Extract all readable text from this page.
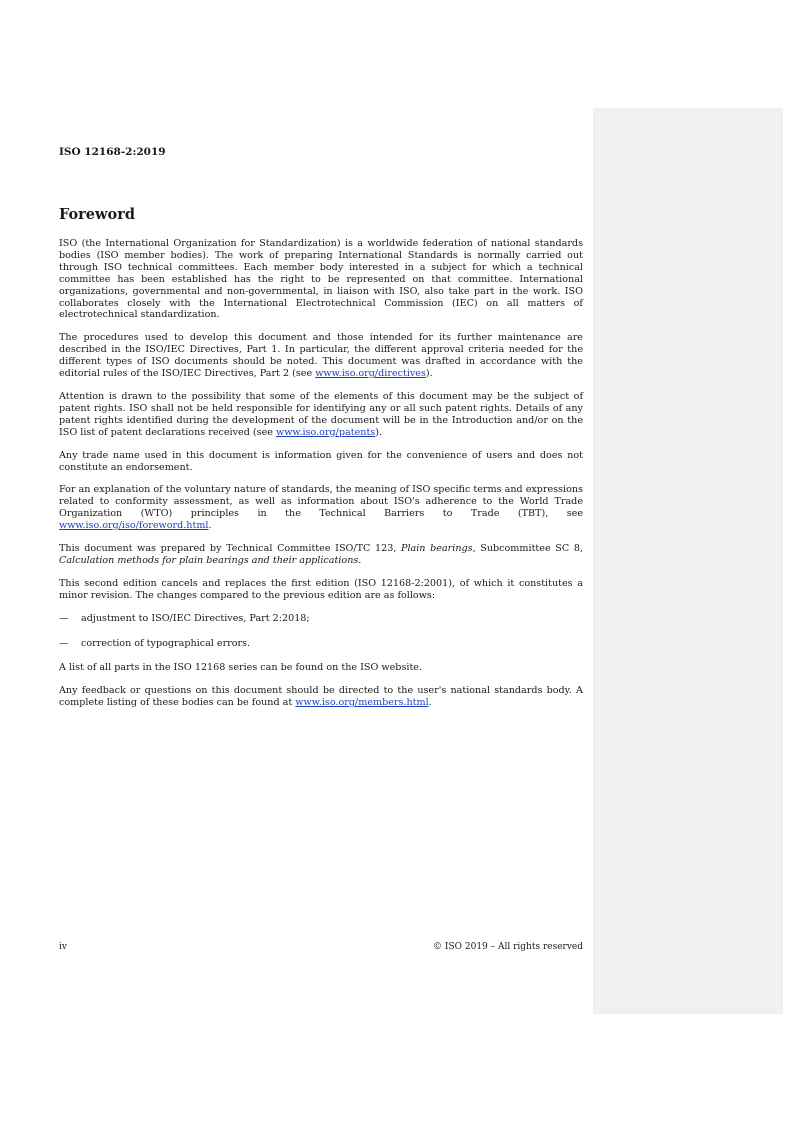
ISO 12168-2:2019
Foreword

ISO (the International Organization for Standardization) is a worldwide federation of national standards bodies (ISO member bodies). The work of preparing International Standards is normally carried out through ISO technical committees. Each member body interested in a subject for which a technical committee has been established has the right to be represented on that committee. International organizations, governmental and non-governmental, in liaison with ISO, also take part in the work. ISO collaborates closely with the International Electrotechnical Commission (IEC) on all matters of electrotechnical standardization.

The procedures used to develop this document and those intended for its further maintenance are described in the ISO/IEC Directives, Part 1. In particular, the different approval criteria needed for the different types of ISO documents should be noted. This document was drafted in accordance with the editorial rules of the ISO/IEC Directives, Part 2 (see www.iso.org/directives).

Attention is drawn to the possibility that some of the elements of this document may be the subject of patent rights. ISO shall not be held responsible for identifying any or all such patent rights. Details of any patent rights identified during the development of the document will be in the Introduction and/or on the ISO list of patent declarations received (see www.iso.org/patents).

Any trade name used in this document is information given for the convenience of users and does not constitute an endorsement.

For an explanation of the voluntary nature of standards, the meaning of ISO specific terms and expressions related to conformity assessment, as well as information about ISO's adherence to the World Trade Organization (WTO) principles in the Technical Barriers to Trade (TBT), see www.iso.org/iso/foreword.html.

This document was prepared by Technical Committee ISO/TC 123, Plain bearings, Subcommittee SC 8, Calculation methods for plain bearings and their applications.

This second edition cancels and replaces the first edition (ISO 12168-2:2001), of which it constitutes a minor revision. The changes compared to the previous edition are as follows:

— adjustment to ISO/IEC Directives, Part 2:2018;

— correction of typographical errors.

A list of all parts in the ISO 12168 series can be found on the ISO website.

Any feedback or questions on this document should be directed to the user's national standards body. A complete listing of these bodies can be found at www.iso.org/members.html.

iv	© ISO 2019 – All rights reserved
